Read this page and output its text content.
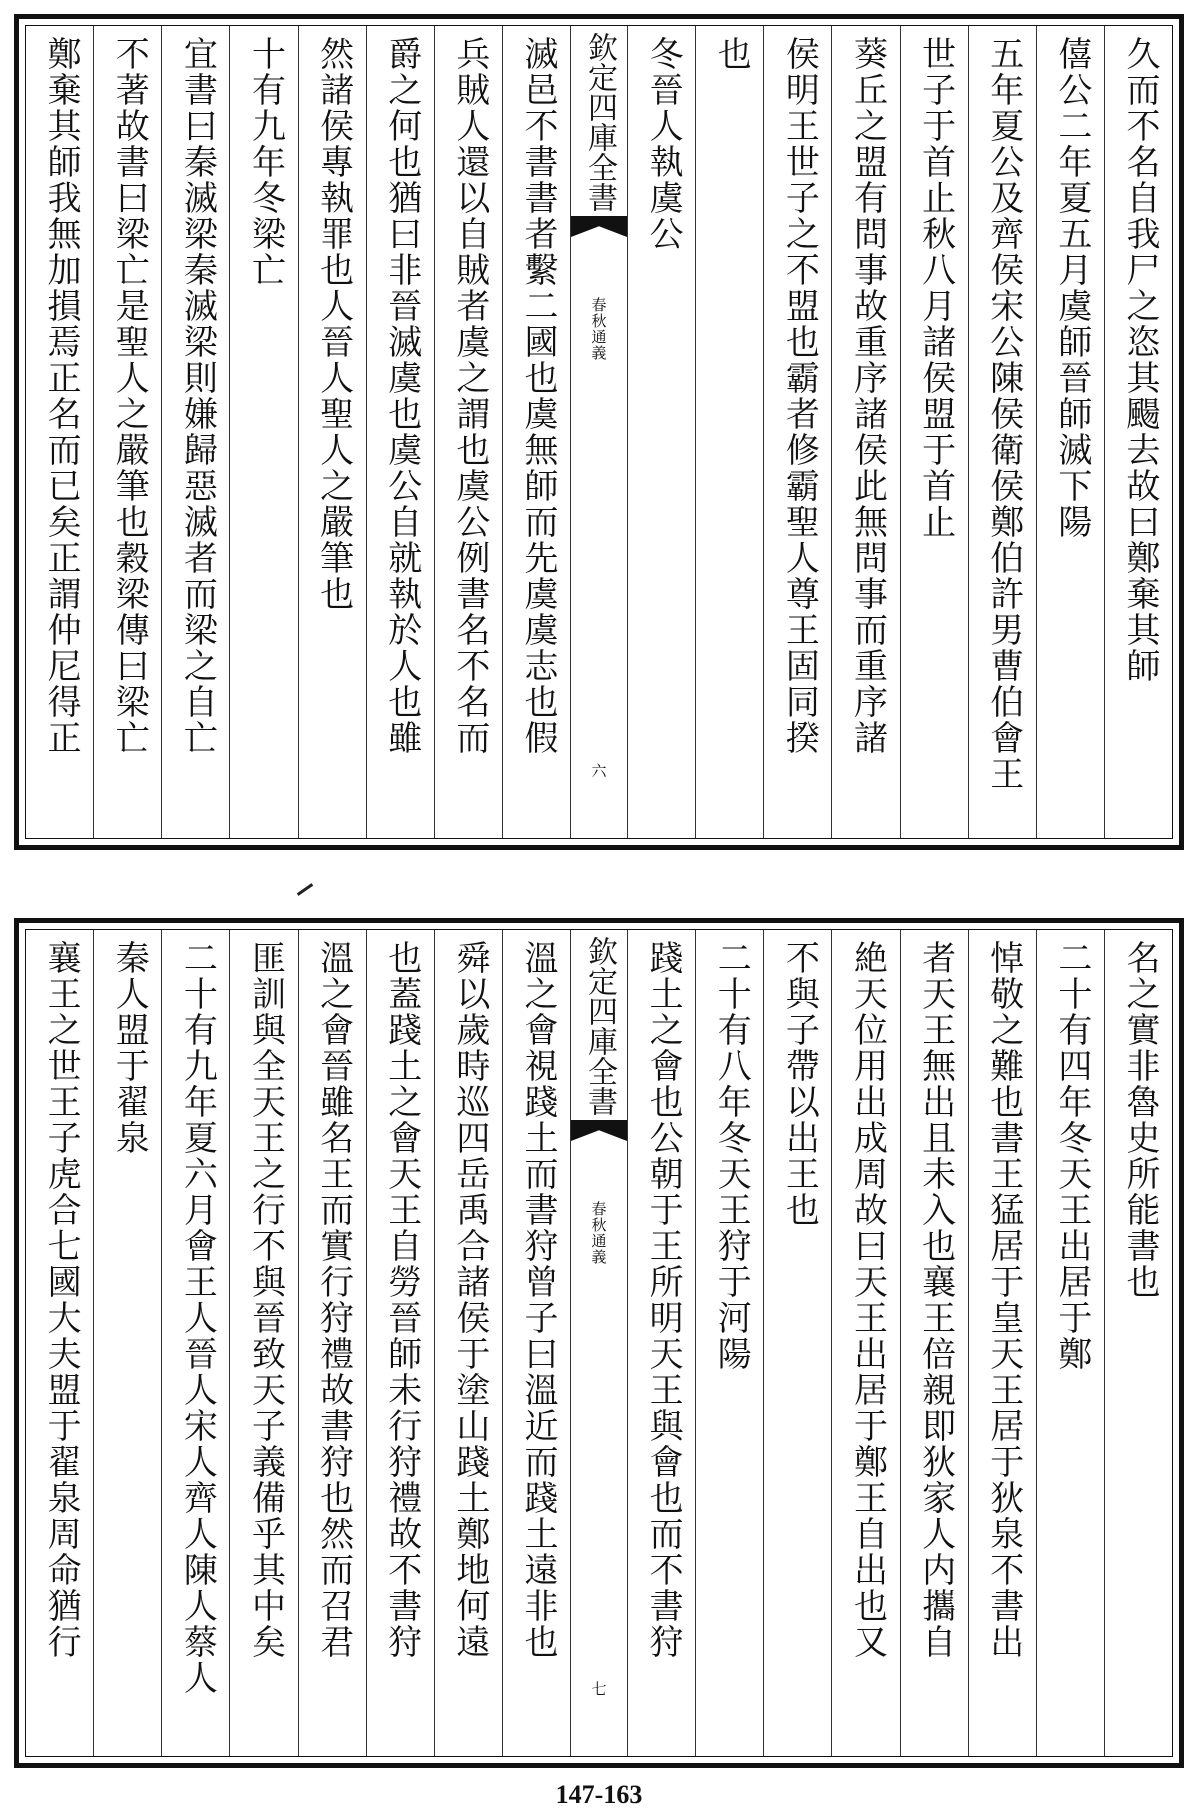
久而不名自我尸之恣其颺去故曰鄭棄其師
僖公二年夏五月虞師晉師滅下陽
五年夏公及齊侯宋公陳侯衛侯鄭伯許男曹伯會王
世子于首止秋八月諸侯盟于首止
葵丘之盟有問事故重序諸侯此無問事而重序諸
侯明王世子之不盟也霸者修霸聖人尊王固同揆
也
冬晉人執虞公
欽定四庫全書
春秋通義
六
滅邑不書書者繫二國也虞無師而先虞虞志也假
兵賊人還以自賊者虞之謂也虞公例書名不名而
爵之何也猶曰非晉滅虞也虞公自就執於人也雖
然諸侯專執罪也人晉人聖人之嚴筆也
十有九年冬梁亡
宜書曰秦滅梁秦滅梁則嫌歸惡滅者而梁之自亡
不著故書曰梁亡是聖人之嚴筆也穀梁傳曰梁亡
鄭棄其師我無加損焉正名而已矣正謂仲尼得正
名之實非魯史所能書也
二十有四年冬天王出居于鄭
悼敬之難也書王猛居于皇天王居于狄泉不書出
者天王無出且未入也襄王倍親即狄家人内攜自
絶天位用出成周故曰天王出居于鄭王自出也又
不與子帶以出王也
二十有八年冬天王狩于河陽
踐土之會也公朝于王所明天王與會也而不書狩
欽定四庫全書
春秋通義
七
溫之會視踐土而書狩曾子曰溫近而踐土遠非也
舜以歲時巡四岳禹合諸侯于塗山踐土鄭地何遠
也蓋踐土之會天王自勞晉師未行狩禮故不書狩
溫之會晉雖名王而實行狩禮故書狩也然而召君
匪訓與全天王之行不與晉致天子義備乎其中矣
二十有九年夏六月會王人晉人宋人齊人陳人蔡人
秦人盟于翟泉
襄王之世王子虎合七國大夫盟于翟泉周命猶行
147-163
